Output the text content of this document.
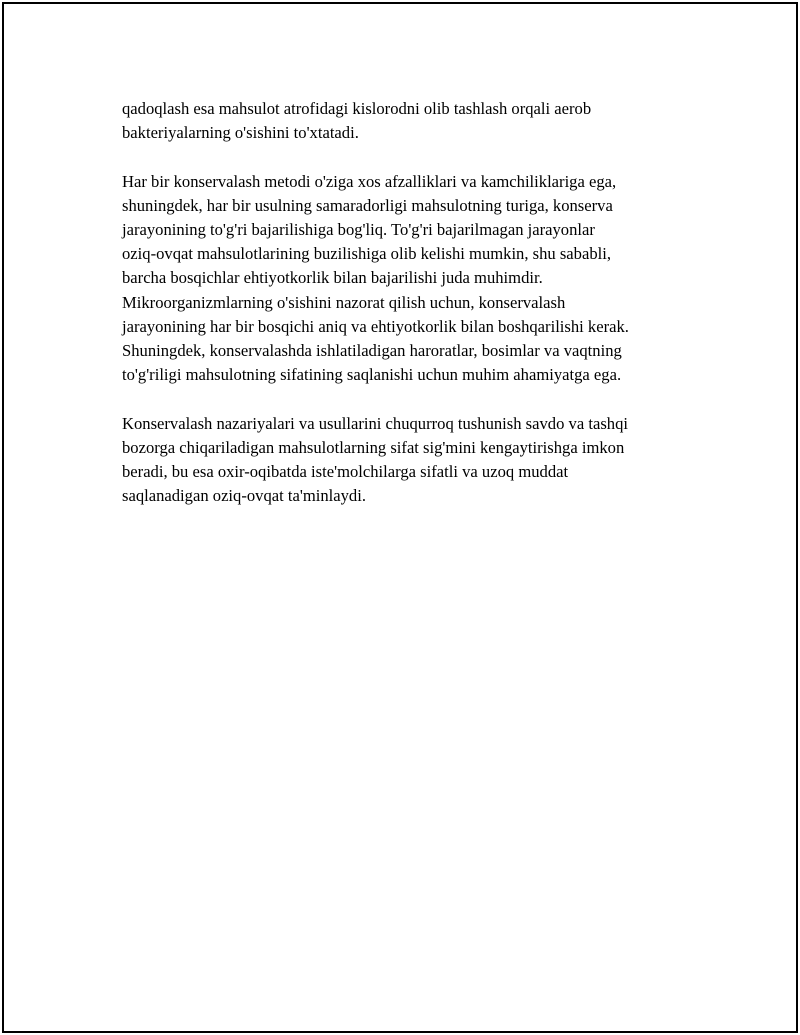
qadoqlash esa mahsulot atrofidagi kislorodni olib tashlash orqali aerob
bakteriyalarning o'sishini to'xtatadi.

Har bir konservalash metodi o'ziga xos afzalliklari va kamchiliklariga ega,
shuningdek, har bir usulning samaradorligi mahsulotning turiga, konserva
jarayonining to'g'ri bajarilishiga bog'liq. To'g'ri bajarilmagan jarayonlar
oziq-ovqat mahsulotlarining buzilishiga olib kelishi mumkin, shu sababli,
barcha bosqichlar ehtiyotkorlik bilan bajarilishi juda muhimdir.
Mikroorganizmlarning o'sishini nazorat qilish uchun, konservalash
jarayonining har bir bosqichi aniq va ehtiyotkorlik bilan boshqarilishi kerak.
Shuningdek, konservalashda ishlatiladigan haroratlar, bosimlar va vaqtning
to'g'riligi mahsulotning sifatining saqlanishi uchun muhim ahamiyatga ega.

Konservalash nazariyalari va usullarini chuqurroq tushunish savdo va tashqi
bozorga chiqariladigan mahsulotlarning sifat sig'mini kengaytirishga imkon
beradi, bu esa oxir-oqibatda iste'molchilarga sifatli va uzoq muddat
saqlanadigan oziq-ovqat ta'minlaydi.
